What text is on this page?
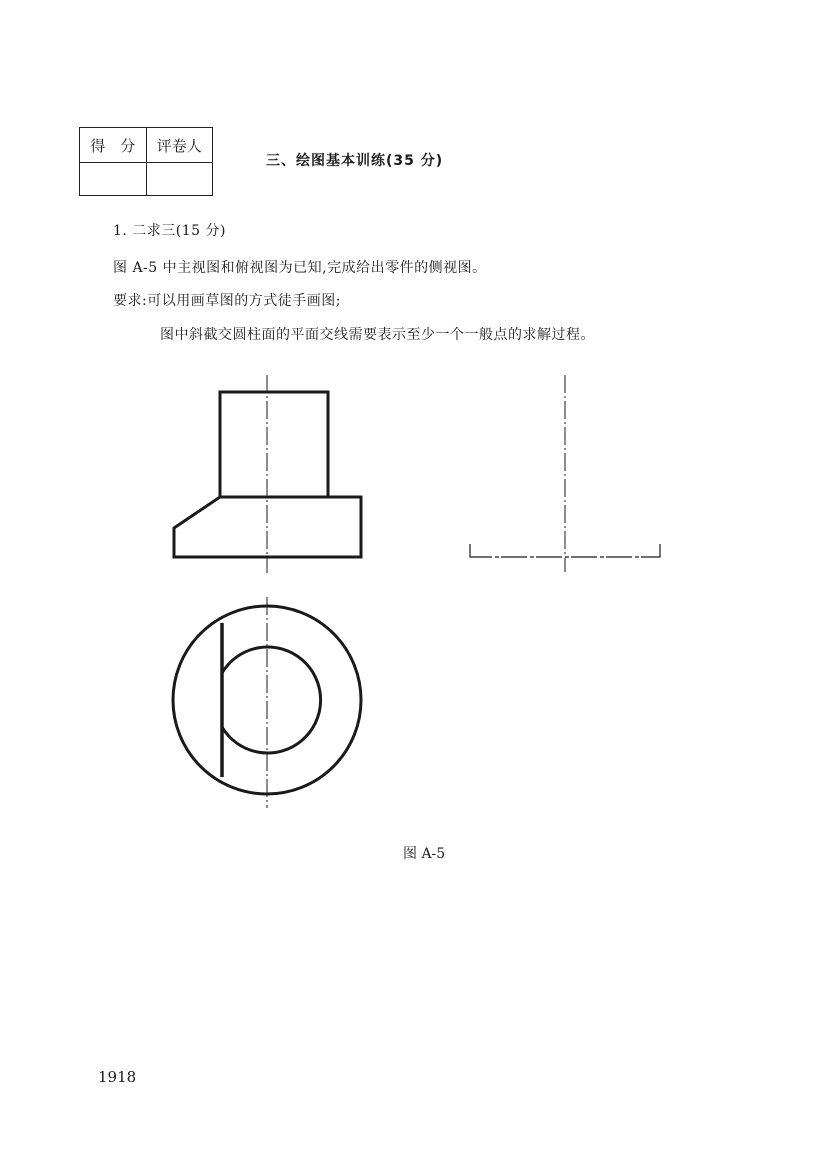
得　分	评卷人

三、绘图基本训练(35 分)
1. 二求三(15 分)
图 A-5 中主视图和俯视图为已知,完成给出零件的侧视图。
要求:可以用画草图的方式徒手画图;
图中斜截交圆柱面的平面交线需要表示至少一个一般点的求解过程。
图 A-5
1918
